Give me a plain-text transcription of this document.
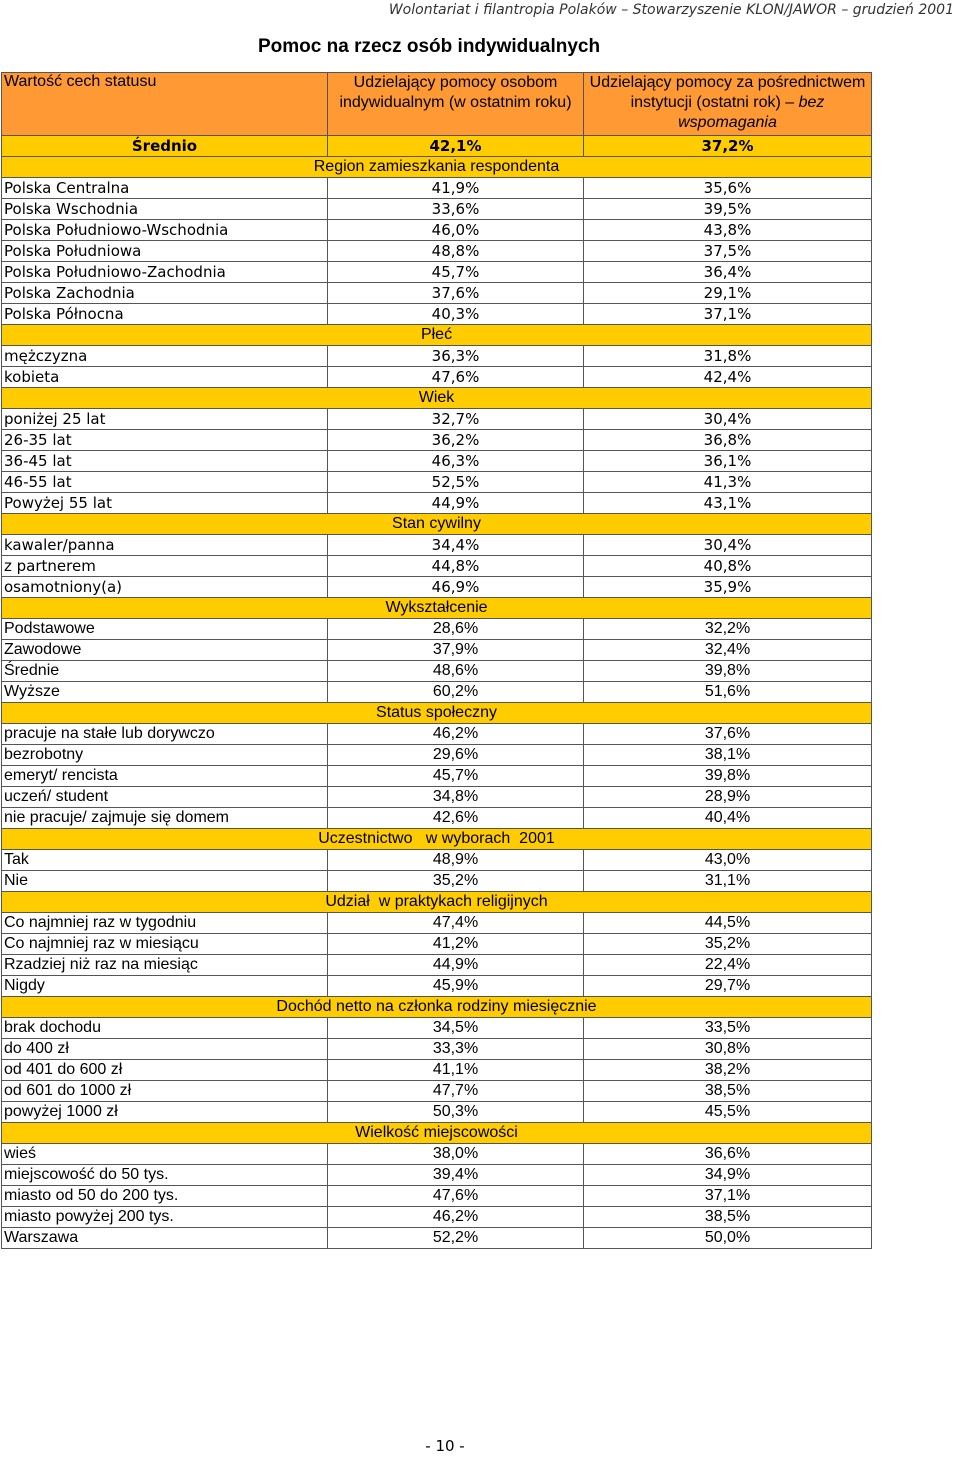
Wolontariat i filantropia Polaków – Stowarzyszenie KLON/JAWOR – grudzień 2001
Pomoc na rzecz osób indywidualnych
Wartość cech statusu	Udzielający pomocy osobom indywidualnym (w ostatnim roku)	Udzielający pomocy za pośrednictwem instytucji (ostatni rok) – bez wspomagania
Średnio	42,1%	37,2%
Region zamieszkania respondenta		
Polska Centralna	41,9%	35,6%
Polska Wschodnia	33,6%	39,5%
Polska Południowo-Wschodnia	46,0%	43,8%
Polska Południowa	48,8%	37,5%
Polska Południowo-Zachodnia	45,7%	36,4%
Polska Zachodnia	37,6%	29,1%
Polska Północna	40,3%	37,1%
Płeć		
mężczyzna	36,3%	31,8%
kobieta	47,6%	42,4%
Wiek		
poniżej 25 lat	32,7%	30,4%
26-35 lat	36,2%	36,8%
36-45 lat	46,3%	36,1%
46-55 lat	52,5%	41,3%
Powyżej 55 lat	44,9%	43,1%
Stan cywilny		
kawaler/panna	34,4%	30,4%
z partnerem	44,8%	40,8%
osamotniony(a)	46,9%	35,9%
Wykształcenie		
Podstawowe	28,6%	32,2%
Zawodowe	37,9%	32,4%
Średnie	48,6%	39,8%
Wyższe	60,2%	51,6%
Status społeczny		
pracuje na stałe lub dorywczo	46,2%	37,6%
bezrobotny	29,6%	38,1%
emeryt/ rencista	45,7%	39,8%
uczeń/ student	34,8%	28,9%
nie pracuje/ zajmuje się domem	42,6%	40,4%
Uczestnictwo   w wyborach  2001		
Tak	48,9%	43,0%
Nie	35,2%	31,1%
Udział  w praktykach religijnych		
Co najmniej raz w tygodniu	47,4%	44,5%
Co najmniej raz w miesiącu	41,2%	35,2%
Rzadziej niż raz na miesiąc	44,9%	22,4%
Nigdy	45,9%	29,7%
Dochód netto na członka rodziny miesięcznie		
brak dochodu	34,5%	33,5%
do 400 zł	33,3%	30,8%
od 401 do 600 zł	41,1%	38,2%
od 601 do 1000 zł	47,7%	38,5%
powyżej 1000 zł	50,3%	45,5%
Wielkość miejscowości		
wieś	38,0%	36,6%
miejscowość do 50 tys.	39,4%	34,9%
miasto od 50 do 200 tys.	47,6%	37,1%
miasto powyżej 200 tys.	46,2%	38,5%
Warszawa	52,2%	50,0%
- 10 -
